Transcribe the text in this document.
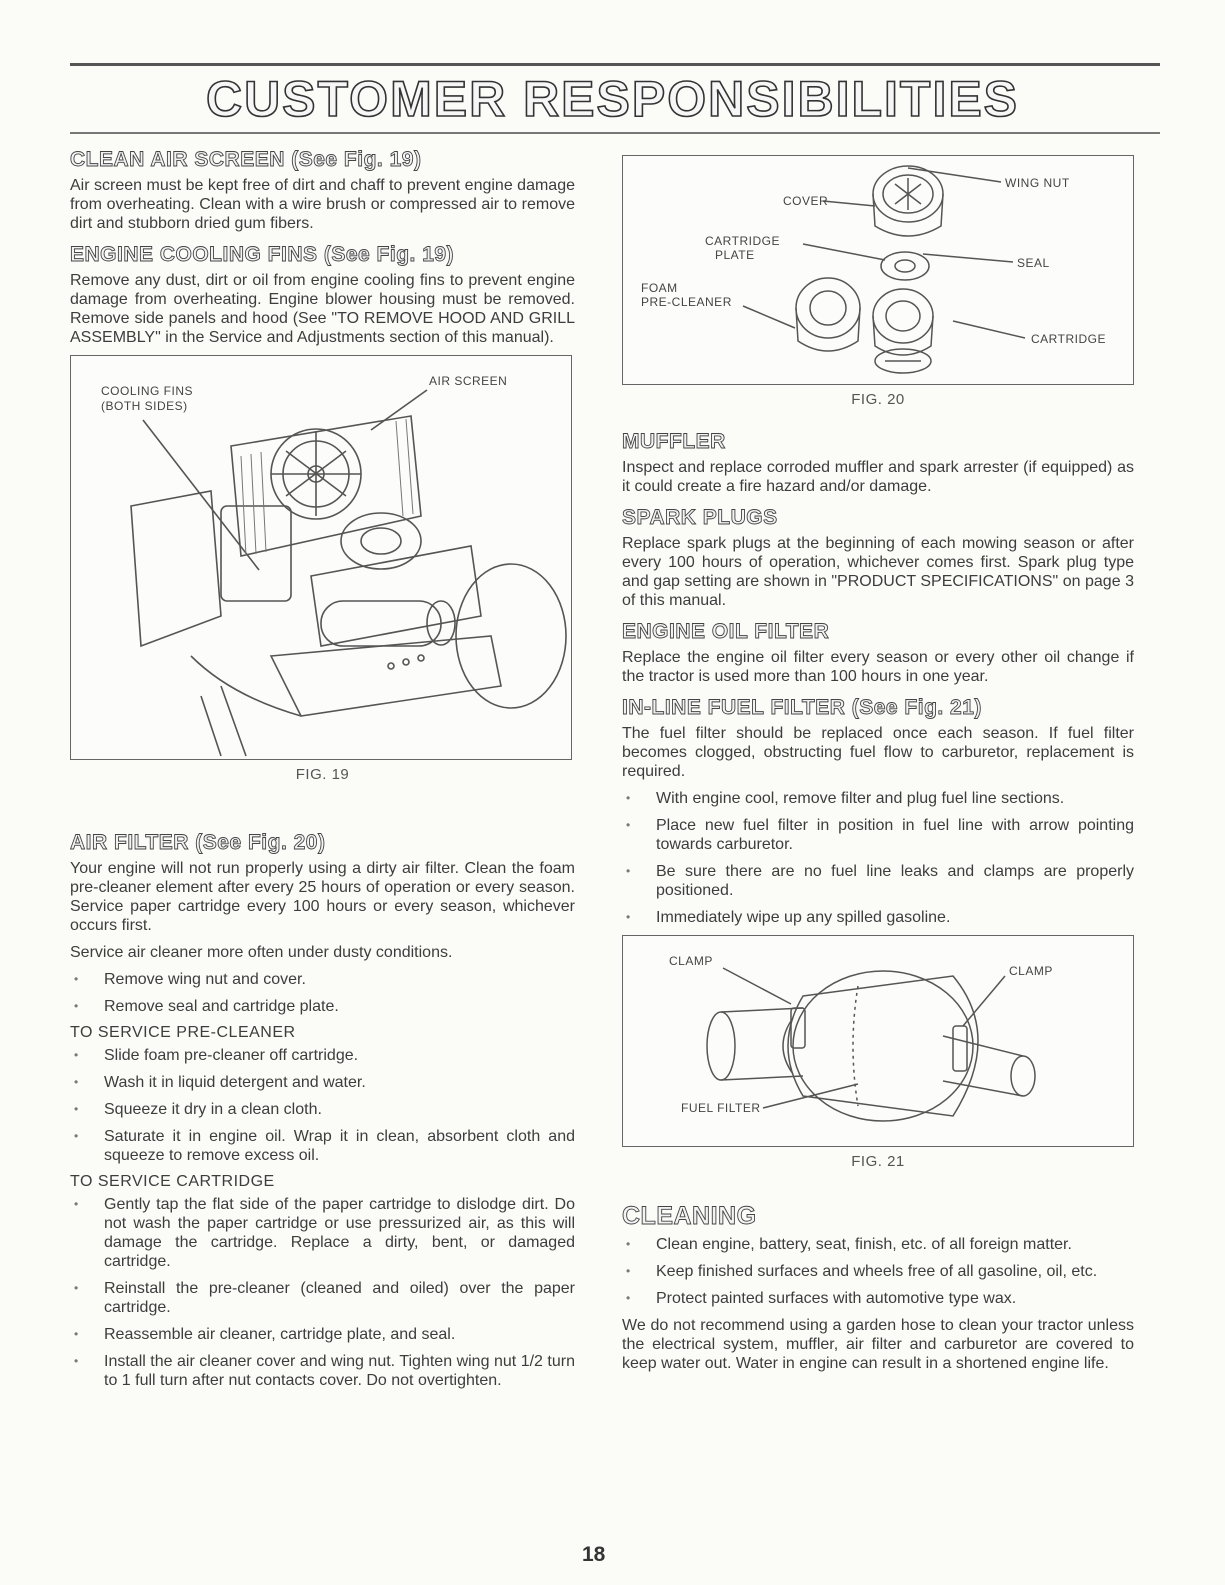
CUSTOMER RESPONSIBILITIES
CLEAN AIR SCREEN (See Fig. 19)

Air screen must be kept free of dirt and chaff to prevent engine damage from overheating. Clean with a wire brush or compressed air to remove dirt and stubborn dried gum fibers.

ENGINE COOLING FINS (See Fig. 19)

Remove any dust, dirt or oil from engine cooling fins to prevent engine damage from overheating. Engine blower housing must be removed. Remove side panels and hood (See "TO REMOVE HOOD AND GRILL ASSEMBLY" in the Service and Adjustments section of this manual).

COOLING FINS
(BOTH SIDES)
AIR SCREEN
FIG. 19
AIR FILTER (See Fig. 20)

Your engine will not run properly using a dirty air filter. Clean the foam pre-cleaner element after every 25 hours of operation or every season. Service paper cartridge every 100 hours or every season, whichever occurs first.

Service air cleaner more often under dusty conditions.

• Remove wing nut and cover.
• Remove seal and cartridge plate.

TO SERVICE PRE-CLEANER

• Slide foam pre-cleaner off cartridge.
• Wash it in liquid detergent and water.
• Squeeze it dry in a clean cloth.
• Saturate it in engine oil. Wrap it in clean, absorbent cloth and squeeze to remove excess oil.

TO SERVICE CARTRIDGE

• Gently tap the flat side of the paper cartridge to dislodge dirt. Do not wash the paper cartridge or use pressurized air, as this will damage the cartridge. Replace a dirty, bent, or damaged cartridge.
• Reinstall the pre-cleaner (cleaned and oiled) over the paper cartridge.
• Reassemble air cleaner, cartridge plate, and seal.
• Install the air cleaner cover and wing nut. Tighten wing nut 1/2 turn to 1 full turn after nut contacts cover. Do not overtighten.
WING NUT
COVER
CARTRIDGE
PLATE
SEAL
FOAM
PRE-CLEANER
CARTRIDGE
FIG. 20
MUFFLER

Inspect and replace corroded muffler and spark arrester (if equipped) as it could create a fire hazard and/or damage.

SPARK PLUGS

Replace spark plugs at the beginning of each mowing season or after every 100 hours of operation, whichever comes first. Spark plug type and gap setting are shown in "PRODUCT SPECIFICATIONS" on page 3 of this manual.

ENGINE OIL FILTER

Replace the engine oil filter every season or every other oil change if the tractor is used more than 100 hours in one year.

IN-LINE FUEL FILTER (See Fig. 21)

The fuel filter should be replaced once each season. If fuel filter becomes clogged, obstructing fuel flow to carburetor, replacement is required.

• With engine cool, remove filter and plug fuel line sections.
• Place new fuel filter in position in fuel line with arrow pointing towards carburetor.
• Be sure there are no fuel line leaks and clamps are properly positioned.
• Immediately wipe up any spilled gasoline.
CLAMP
CLAMP
FUEL FILTER
FIG. 21
CLEANING
• Clean engine, battery, seat, finish, etc. of all foreign matter.
• Keep finished surfaces and wheels free of all gasoline, oil, etc.
• Protect painted surfaces with automotive type wax.

We do not recommend using a garden hose to clean your tractor unless the electrical system, muffler, air filter and carburetor are covered to keep water out. Water in engine can result in a shortened engine life.

18
